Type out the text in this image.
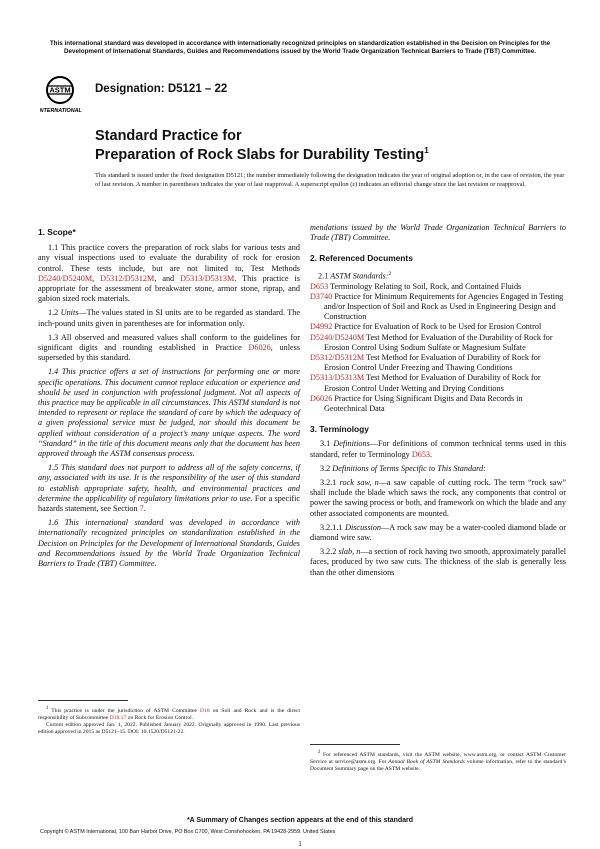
This international standard was developed in accordance with internationally recognized principles on standardization established in the Decision on Principles for the Development of International Standards, Guides and Recommendations issued by the World Trade Organization Technical Barriers to Trade (TBT) Committee.
ASTM
INTERNATIONAL
Designation: D5121 – 22
Standard Practice for
Preparation of Rock Slabs for Durability Testing$^1$
This standard is issued under the fixed designation D5121; the number immediately following the designation indicates the year of original adoption or, in the case of revision, the year of last revision. A number in parentheses indicates the year of last reapproval. A superscript epsilon (ε) indicates an editorial change since the last revision or reapproval.

1. Scope*

1.1 This practice covers the preparation of rock slabs for various tests and any visual inspections used to evaluate the durability of rock for erosion control. These tests include, but are not limited to, Test Methods D5240/D5240M, D5312/D5312M, and D5313/D5313M. This practice is appropriate for the assessment of breakwater stone, armor stone, riprap, and gabion sized rock materials.

1.2 Units—The values stated in SI units are to be regarded as standard. The inch-pound units given in parentheses are for information only.

1.3 All observed and measured values shall conform to the guidelines for significant digits and rounding established in Practice D6026, unless superseded by this standard.

1.4 This practice offers a set of instructions for performing one or more specific operations. This document cannot replace education or experience and should be used in conjunction with professional judgment. Not all aspects of this practice may be applicable in all circumstances. This ASTM standard is not intended to represent or replace the standard of care by which the adequacy of a given professional service must be judged, nor should this document be applied without consideration of a project’s many unique aspects. The word “Standard” in the title of this document means only that the document has been approved through the ASTM consensus process.

1.5 This standard does not purport to address all of the safety concerns, if any, associated with its use. It is the responsibility of the user of this standard to establish appropriate safety, health, and environmental practices and determine the applicability of regulatory limitations prior to use. For a specific hazards statement, see Section 7.

1.6 This international standard was developed in accordance with internationally recognized principles on standardization established in the Decision on Principles for the Development of International Standards, Guides and Recommendations issued by the World Trade Organization Technical Barriers to Trade (TBT) Committee.

$^1$ This practice is under the jurisdiction of ASTM Committee D18 on Soil and Rock and is the direct responsibility of Subcommittee D18.17 on Rock for Erosion Control.

Current edition approved Jan. 1, 2022. Published January 2022. Originally approved in 1990. Last previous edition approved in 2015 as D5121–15. DOI: 10.1520/D5121-22.

mendations issued by the World Trade Organization Technical Barriers to Trade (TBT) Committee.

2. Referenced Documents

2.1 ASTM Standards:$^2$

D653 Terminology Relating to Soil, Rock, and Contained Fluids

D3740 Practice for Minimum Requirements for Agencies Engaged in Testing and/or Inspection of Soil and Rock as Used in Engineering Design and Construction

D4992 Practice for Evaluation of Rock to be Used for Erosion Control

D5240/D5240M Test Method for Evaluation of the Durability of Rock for Erosion Control Using Sodium Sulfate or Magnesium Sulfate

D5312/D5312M Test Method for Evaluation of Durability of Rock for Erosion Control Under Freezing and Thawing Conditions

D5313/D5313M Test Method for Evaluation of Durability of Rock for Erosion Control Under Wetting and Drying Conditions

D6026 Practice for Using Significant Digits and Data Records in Geotechnical Data

3. Terminology

3.1 Definitions—For definitions of common technical terms used in this standard, refer to Terminology D653.

3.2 Definitions of Terms Specific to This Standard:

3.2.1 rock saw, n—a saw capable of cutting rock. The term “rock saw” shall include the blade which saws the rock, any components that control or power the sawing process or both, and framework on which the blade and any other associated components are mounted.

3.2.1.1 Discussion—A rock saw may be a water-cooled diamond blade or diamond wire saw.

3.2.2 slab, n—a section of rock having two smooth, approximately parallel faces, produced by two saw cuts. The thickness of the slab is generally less than the other dimensions

$^2$ For referenced ASTM standards, visit the ASTM website, www.astm.org, or contact ASTM Customer Service at service@astm.org. For Annual Book of ASTM Standards volume information, refer to the standard’s Document Summary page on the ASTM website.

*A Summary of Changes section appears at the end of this standard
Copyright © ASTM International, 100 Barr Harbor Drive, PO Box C700, West Conshohocken, PA 19428-2959. United States
1
